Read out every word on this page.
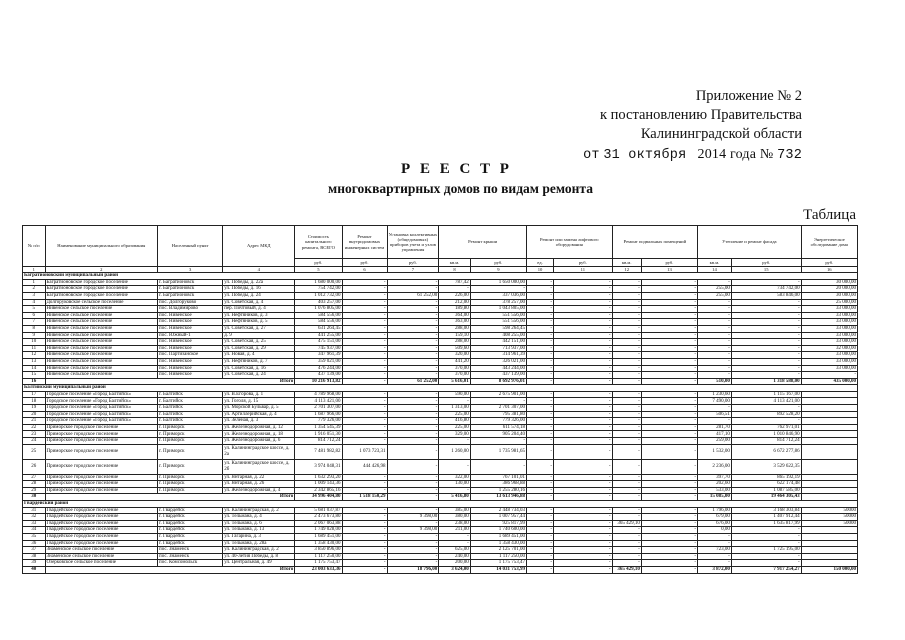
Приложение № 2
к постановлению Правительства
Калининградской области
от 31 октября 2014 года № 732
Р Е Е С Т Р
многоквартирных домов по видам ремонта
Таблица
№ п/п	Наименование муниципального образования	Населенный пункт	Адрес МКД	Стоимость капитального ремонта, ВСЕГО	Ремонт внутридомовых инженерных систем	Установка коллективных (общедомовых) приборов учета и узлов управления	Ремонт крыши		Ремонт или замена лифтового оборудования		Ремонт подвальных помещений		Утепление и ремонт фасада		Энергетическое обследование дома
				руб.	руб.	руб.	кв.м.	руб.	ед.	руб.	кв.м.	руб.	кв.м.	руб.	руб.
1	2	3	4	5	6	7	8	9	10	11	12	13	14	15	16
Багратионовский муниципальный район															
1	Багратионовское городское поселение	г. Багратионовск	ул. Победы, д. 22а	1 680 000,00	-	-	787,42	1 650 000,00	-	-	-	-	-	-	30 000,00
2	Багратионовское городское поселение	г. Багратионовск	ул. Победы, д. 16	754 742,00	-	-	-	-	-	-	-	-	255,00	734 742,00	20 000,00
3	Багратионовское городское поселение	г. Багратионовск	ул. Победы, д. 24	1 012 732,00	-	61 252,00	226,00	337 036,00	-	-	-	-	255,00	583 846,00	30 000,00
4	Долгоруковское сельское поселение	пос. Долгоруково	ул. Советская, д. 4	403 257,00	-	-	212,00	378 257,00	-	-	-	-	-	-	25 000,00
5	Нивенское сельское поселение	пос. Владимирово	пер. Почтовый, д. 4	1 076 805,00	-	-	189,80	1 043 805,00	-	-	-	-	-	-	33 000,00
6	Нивенское сельское поселение	пос. Нивенское	ул. Нефтяников, д. 3	584 556,00	-	-	364,00	551 556,00	-	-	-	-	-	-	33 000,00
7	Нивенское сельское поселение	пос. Нивенское	ул. Нефтяников, д. 5	584 556,00	-	-	363,00	551 556,00	-	-	-	-	-	-	33 000,00
8	Нивенское сельское поселение	пос. Нивенское	ул. Советская, д. 27	631 264,45	-	-	288,00	598 264,45	-	-	-	-	-	-	33 000,00
9	Нивенское сельское поселение	пос. Южный-1	д. 9	441 255,00	-	-	159,10	408 255,00	-	-	-	-	-	-	33 000,00
10	Нивенское сельское поселение	пос. Нивенское	ул. Советская, д. 25	475 151,00	-	-	288,00	442 151,00	-	-	-	-	-	-	33 000,00
11	Нивенское сельское поселение	пос. Нивенское	ул. Советская, д. 29	745 937,00	-	-	509,60	713 937,00	-	-	-	-	-	-	32 000,00
12	Нивенское сельское поселение	пос. Партизанское	ул. Новая, д. 4	347 961,39	-	-	320,00	314 961,39	-	-	-	-	-	-	33 000,00
13	Нивенское сельское поселение	пос. Нивенское	ул. Нефтяников, д. 7	359 021,00	-	-	441,20	326 021,00	-	-	-	-	-	-	33 000,00
14	Нивенское сельское поселение	пос. Нивенское	ул. Советская, д. 16	476 244,00	-	-	370,00	443 244,00	-	-	-	-	-	-	33 000,00
15	Нивенское сельское поселение	пос. Нивенское	ул. Советская, д. 24	437 139,00	-	-	370,00	437 139,00	-	-	-	-	-	-	-
16	Итого			10 216 913,82	-	61 252,00	5 616,01	8 692 976,01	-	-	-	-	510,00	1 318 588,00	435 000,00
Балтийский муниципальный район															
17	Городское поселение «Город Балтийск»	г. Балтийск	ул. В.Егорова, д. 1	4 789 968,00	-	-	590,00	2 675 901,00	-	-	-	-	1 230,60	1 115 167,00	
18	Городское поселение «Город Балтийск»	г. Балтийск	ул. Гоголя, д. 15	4 113 421,00	-	-	-	-	-	-	-	-	7 490,00	4 113 421,00	
19	Городское поселение «Город Балтийск»	г. Балтийск	ул. Морской Бульвар, д. 5	2 701 307,00	-	-	1 313,00	2 701 307,00	-	-	-	-	-	-	
20	Городское поселение «Город Балтийск»	г. Балтийск	ул. Артиллерийская, д. 4	1 687 966,00	-	-	225,00	795 381,80	-	-	-	-	506,51	892 528,20	
21	Городское поселение «Город Балтийск»	г. Балтийск	ул. Зеленая, д. 3	779 326,00	-	-	416,80	779 326,00	-	-	-	-	-	-	
22	Приморское городское поселение	г. Приморск	ул. Железнодорожная, д. 12	1 354 545,39	-	-	225,00	611 574,18	-	-	-	-	281,70	762 971,01	
23	Приморское городское поселение	г. Приморск	ул. Железнодорожная, д. 18	1 916 051,30	-	-	329,00	905 204,40	-	-	-	-	417,10	1 010 846,90	
24	Приморское городское поселение	г. Приморск	ул. Железнодорожная, д. 6	814 712,24	-	-	-	-	-	-	-	-	259,00	814 712,24	
25	Приморское городское поселение	г. Приморск	ул. Калининградское шоссе, д. 2а	7 481 982,82	1 073 723,31	-	1 260,00	1 735 981,65	-	-	-	-	1 532,00	6 672 277,86	
26	Приморское городское поселение	г. Приморск	ул. Калининградское шоссе, д. 2б	3 974 048,31	444 426,98	-	-	-	-	-	-	-	2 236,00	3 529 622,35	
27	Приморское городское поселение	г. Приморск	ул. Янтарная, д. 22	1 632 293,20	-	-	322,00	767 101,01	-	-	-	-	397,70	865 192,19	
28	Приморское городское поселение	г. Приморск	ул. Янтарная, д. 26	1 009 143,36	-	-	130,00	386 968,88	-	-	-	-	202,60	622 174,48	
29	Приморское городское поселение	г. Приморск	ул. Железнодорожная, д. 4	2 342 865,16	-	-	-	1 255 280,16	-	-	-	-	533,00	1 087 585,00	
30	Итого			34 996 404,80	1 518 150,29	-	5 416,80	13 613 946,88	-	-	-	-	15 085,00	19 464 305,43	
Гвардейский район															
31	Гвардейское городское поселение	г. Гвардейск	ул. Калининградская, д. 2	5 681 037,87	-	-	385,00	2 448 734,03	-	-	-	-	1 796,00	3 168 303,84	50000
32	Гвардейское городское поселение	г. Гвардейск	ул. Тельмана, д. 4	2 473 673,80	-	9 398,00	380,00	1 007 957,44	-	-	-	-	679,00	1 407 912,44	50000
33	Гвардейское городское поселение	г. Гвардейск	ул. Тельмана, д. 6	2 067 063,88	-	-	238,00	925 817,99	-	-	365 429,10	-	676,00	1 635 817,99	50000
34	Гвардейское городское поселение	г. Гвардейск	ул. Тельмана, д. 13	1 749 028,00	-	9 398,00	211,00	1 740 600,00	-	-	-	-	0,00	-	
35	Гвардейское городское поселение	г. Гвардейск	ул. Гагарина, д. 3	1 689 451,00	-	-	-	1 689 451,00	-	-	-	-	-	-	
36	Гвардейское городское поселение	г. Гвардейск	ул. Тельмана, д. 28а	1 358 430,00	-	-	-	1 358 430,00	-	-	-	-	-	-	
37	Знаменское сельское поселение	пос. Знаменск	ул. Калининградская, д. 2	3 850 896,00	-	-	625,00	2 125 701,00	-	-	-	-	723,00	1 725 195,00	
38	Знаменское сельское поселение	пос. Знаменск	ул. 40-летия Победы, д. 8	1 117 250,00	-	-	240,00	1 117 250,00	-	-	-	-	-	-	
39	Озерковское сельское поселение	пос. Комсомольск	ул. Центральная, д. 49	1 175 753,47	-	-	200,00	1 175 753,47	-	-	-	-	-	-	
40	Итого			23 003 633,36	-	18 796,00	3 624,00	14 031 753,99	-	-	365 429,10	-	3 872,00	7 917 254,27	150 000,00
